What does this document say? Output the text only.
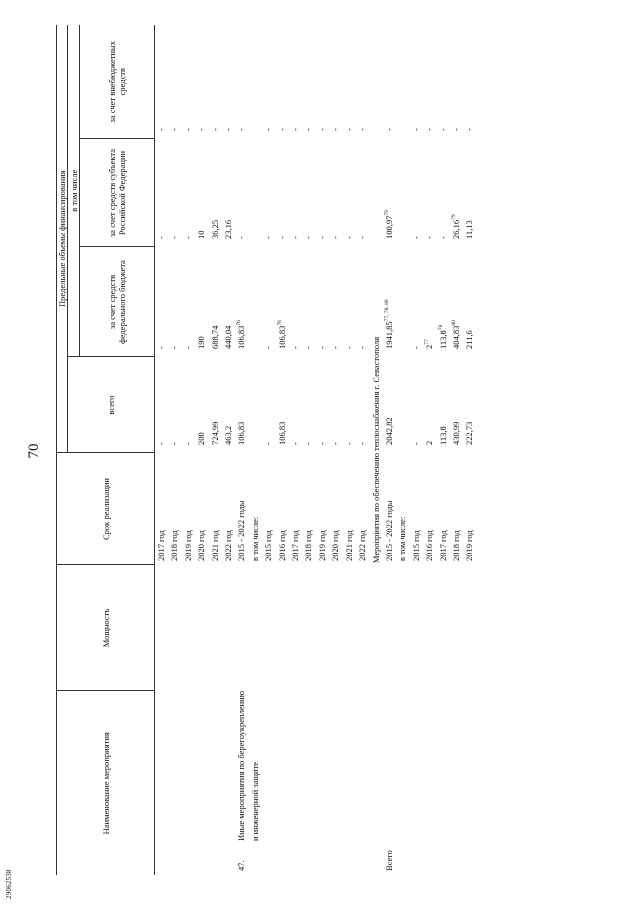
70
Наименование мероприятия	Мощность	Срок реализации	Предельные объемы финансирования			
			всего	в том числе		
				за счет средств федерального бюджета	за счет средств субъекта Российской Федерации	за счет внебюджетных средств
		2017 год	-	-	-	-
		2018 год	-	-	-	-
		2019 год	-	-	-	-
		2020 год	200	190	10	-
		2021 год	724,99	688,74	36,25	-
		2022 год	463,2	440,04	23,16	-
47.Иные мероприятия по берегоукреплению		2015 - 2022 годы	106,83	106,83$^{76}$	-	-
и инженерной защите		в том числе:				
		2015 год	-	-	-	-
		2016 год	106,83	106,83$^{76}$	-	-
		2017 год	-	-	-	-
		2018 год	-	-	-	-
		2019 год	-	-	-	-
		2020 год	-	-	-	-
		2021 год	-	-	-	-
		2022 год	-	-	-	-
Мероприятия по обеспечению теплоснабжения г. Севастополя						
Всего		2015 - 2022 годы	2042,82	1941,85$^{77, 78, 80}$	100,97$^{79}$	-
		в том числе:				
		2015 год	-	-	-	-
		2016 год	2	$2^{77}$	-	-
		2017 год	113,8	113,8$^{78}$	-	-
		2018 год	430,99	404,83$^{80}$	26,16$^{79}$	-
		2019 год	222,73	211,6	11,13	-
29062538
